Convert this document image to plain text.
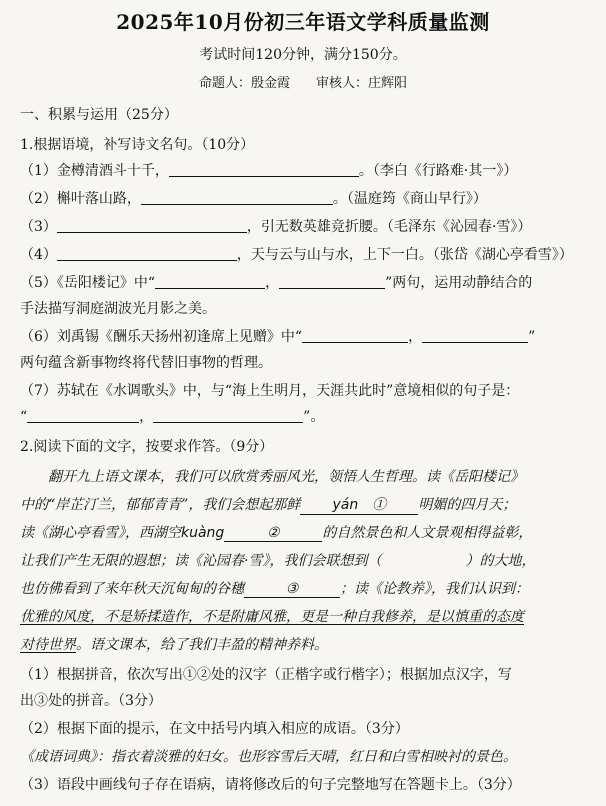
2025年10月份初三年语文学科质量监测
考试时间120分钟，满分150分。
命题人：殷金霞　　审核人：庄辉阳
一、积累与运用（25分）
1.根据语境，补写诗文名句。（10分）
（1）金樽清酒斗十千，	。（李白《行路难·其一》）
（2）槲叶落山路，	。（温庭筠《商山早行》）
（3）	，引无数英雄竞折腰。（毛泽东《沁园春·雪》）
（4）	，天与云与山与水，上下一白。（张岱《湖心亭看雪》）
（5）《岳阳楼记》中“	，	”两句，运用动静结合的
手法描写洞庭湖波光月影之美。
（6）刘禹锡《酬乐天扬州初逢席上见赠》中“	，	”
两句蕴含新事物终将代替旧事物的哲理。
（7）苏轼在《水调歌头》中，与“海上生明月，天涯共此时”意境相似的句子是：
“	，	”。
2.阅读下面的文字，按要求作答。（9分）
翻开九上语文课本，我们可以欣赏秀丽风光，领悟人生哲理。读《岳阳楼记》
中的“岸芷汀兰，郁郁青青”，我们会想起那鲜 yán　 ① 明媚的四月天；
读《湖心亭看雪》，西湖空kuàng	②	的自然景色和人文景观相得益彰，
让我们产生无限的遐想；读《沁园春·雪》，我们会联想到（	）的大地，
也仿佛看到了来年秋天沉甸甸的谷穗	③	；读《论教养》，我们认识到：
优雅的风度，不是矫揉造作，不是附庸风雅，更是一种自我修养，是以慎重的态度
对待世界。语文课本，给了我们丰盈的精神养料。
（1）根据拼音，依次写出①②处的汉字（正楷字或行楷字）；根据加点汉字，写
出③处的拼音。（3分）
（2）根据下面的提示，在文中括号内填入相应的成语。（3分）
《成语词典》：指衣着淡雅的妇女。也形容雪后天晴，红日和白雪相映衬的景色。
（3）语段中画线句子存在语病，请将修改后的句子完整地写在答题卡上。（3分）
